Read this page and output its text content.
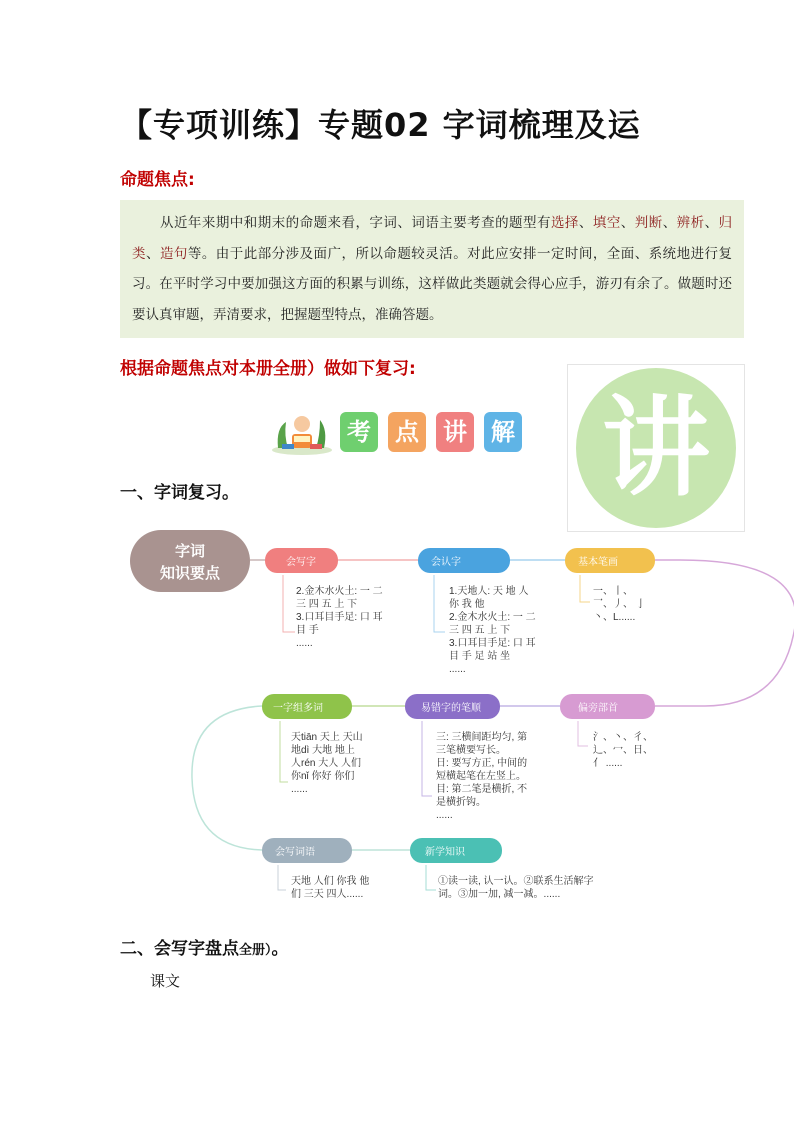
【专项训练】专题02 字词梳理及运
命题焦点:
从近年来期中和期末的命题来看，字词、词语主要考查的题型有选择、填空、判断、辨析、归类、造句等。由于此部分涉及面广，所以命题较灵活。对此应安排一定时间，全面、系统地进行复习。在平时学习中要加强这方面的积累与训练，这样做此类题就会得心应手，游刃有余了。做题时还要认真审题，弄清要求，把握题型特点，准确答题。
根据命题焦点对本册全册）做如下复习:
讲
考 点 讲 解
一、字词复习。
字词
知识要点
会写字
2.金木水火土: 一 二 三 四 五 上 下 3.口耳目手足: 口 耳 目 手 ......
会认字
1.天地人: 天 地 人 你 我 他 2.金木水火土: 一 二 三 四 五 上 下 3.口耳目手足: 口 耳 目 手 足 站 坐 ......
基本笔画
一、丨、 乛、丿、 亅 丶、L......
一字组多词
天tiān 天上 天山 地dì 大地 地上 人rén 大人 人们 你nǐ 你好 你们 ......
易错字的笔顺
三: 三横间距均匀, 第 三笔横要写长。 日: 要写方正, 中间的 短横起笔在左竖上。 目: 第二笔是横折, 不 是横折钩。 ......
偏旁部首
氵、丶、彳、 辶、冖、日、 亻 ......
会写词语
天地 人们 你我 他 们 三天 四人......
新学知识
①读一读, 认一认。②联系生活解字 词。③加一加, 减一减。......
二、会写字盘点全册）。
课文
